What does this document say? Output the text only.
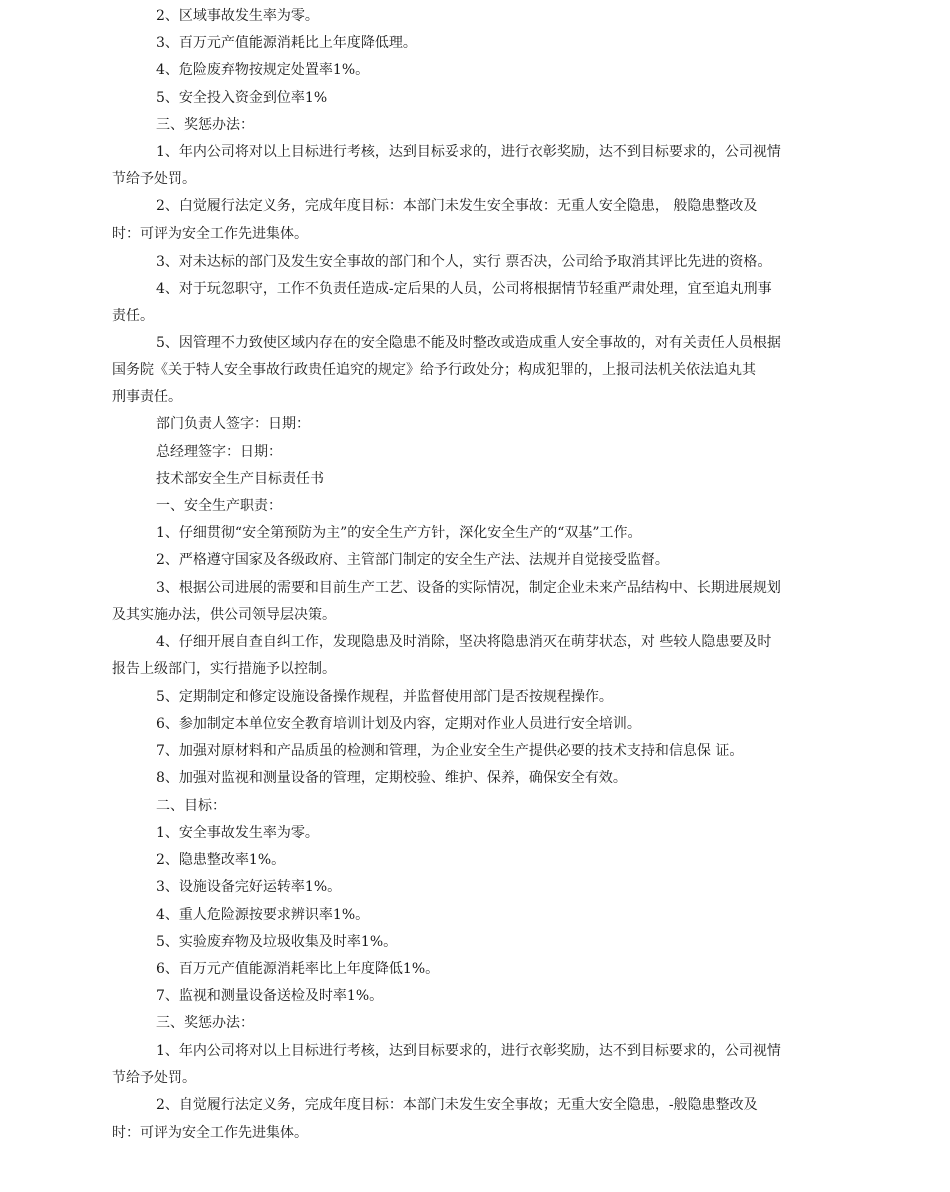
2、区域事故发生率为零。
3、百万元产值能源消耗比上年度降低理。
4、危险废弃物按规定处置率1%。
5、安全投入资金到位率1%
三、奖惩办法：
1、年内公司将对以上目标进行考核，达到目标妥求的，进行衣彰奖励，达不到目标要求的，公司视情
节给予处罚。
2、白觉履行法定义务，完成年度目标：本部门未发生安全事故：无重人安全隐患， 般隐患整改及
时：可评为安全工作先进集体。
3、对未达标的部门及发生安全事故的部门和个人，实行 票否决，公司给予取消其评比先进的资格。
4、对于玩忽职守，工作不负责任造成-定后果的人员，公司将根据情节轻重严肃处理，宜至追丸刑事
责任。
5、因管理不力致使区域内存在的安全隐患不能及时整改或造成重人安全事故的，对有关责任人员根据
国务院《关于特人安全事故行政贵任追究的规定》给予行政处分；构成犯罪的，上报司法机关依法追丸其
刑事责任。
部门负责人签字：日期：
总经理签字：日期：
技术部安全生产目标责任书
一、安全生产职责：
1、仔细贯彻“安全第预防为主”的安全生产方针，深化安全生产的“双基”工作。
2、严格遵守国家及各级政府、主管部门制定的安全生产法、法规并自觉接受监督。
3、根据公司进展的需要和目前生产工艺、设备的实际情况，制定企业未来产品结构中、长期进展规划
及其实施办法，供公司领导层决策。
4、仔细开展自查自纠工作，发现隐患及时消除，坚决将隐患消灭在萌芽状态，对 些较人隐患要及时
报告上级部门，实行措施予以控制。
5、定期制定和修定设施设备操作规程，并监督使用部门是否按规程操作。
6、参加制定本单位安全教育培训计划及内容，定期对作业人员进行安全培训。
7、加强对原材料和产品质虽的检测和管理，为企业安全生产提供必要的技术支持和信息保 证。
8、加强对监视和测量设备的管理，定期校验、维护、保养，确保安全有效。
二、目标：
1、安全事故发生率为零。
2、隐患整改率1%。
3、设施设备完好运转率1%。
4、重人危险源按要求辨识率1%。
5、实验废弃物及垃圾收集及时率1%。
6、百万元产值能源消耗率比上年度降低1%。
7、监视和测量设备送检及时率1%。
三、奖惩办法：
1、年内公司将对以上目标进行考核，达到目标要求的，进行衣彰奖励，达不到目标要求的，公司视情
节给予处罚。
2、自觉履行法定义务，完成年度目标：本部门未发生安全事故；无重大安全隐患，-般隐患整改及
时：可评为安全工作先进集体。
